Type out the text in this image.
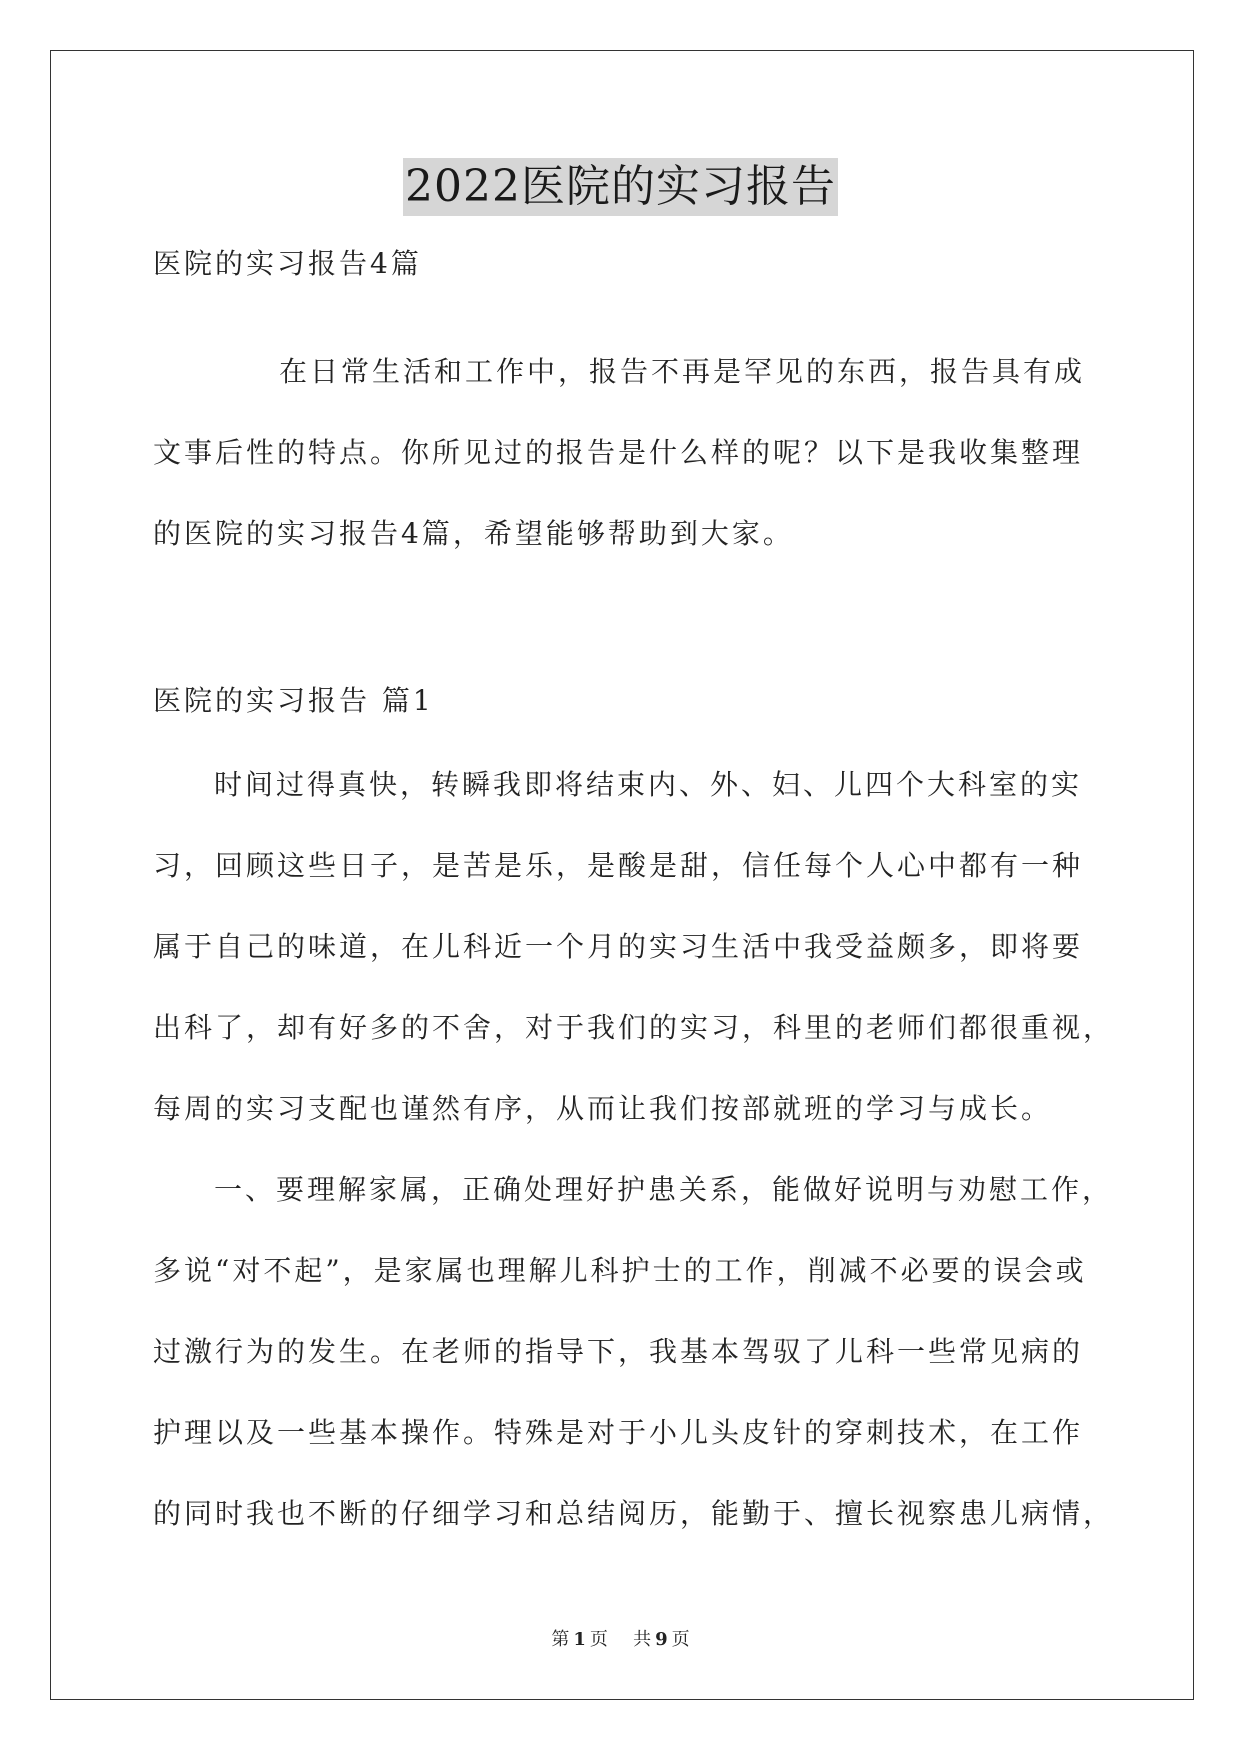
2022医院的实习报告
医院的实习报告4篇
在日常生活和工作中，报告不再是罕见的东西，报告具有成
文事后性的特点。你所见过的报告是什么样的呢？以下是我收集整理
的医院的实习报告4篇，希望能够帮助到大家。
医院的实习报告 篇1
时间过得真快，转瞬我即将结束内、外、妇、儿四个大科室的实
习，回顾这些日子，是苦是乐，是酸是甜，信任每个人心中都有一种
属于自己的味道，在儿科近一个月的实习生活中我受益颇多，即将要
出科了，却有好多的不舍，对于我们的实习，科里的老师们都很重视，
每周的实习支配也谨然有序，从而让我们按部就班的学习与成长。
一、要理解家属，正确处理好护患关系，能做好说明与劝慰工作，
多说“对不起”，是家属也理解儿科护士的工作，削减不必要的误会或
过激行为的发生。在老师的指导下，我基本驾驭了儿科一些常见病的
护理以及一些基本操作。特殊是对于小儿头皮针的穿刺技术，在工作
的同时我也不断的仔细学习和总结阅历，能勤于、擅长视察患儿病情，
第 1 页 共 9 页
